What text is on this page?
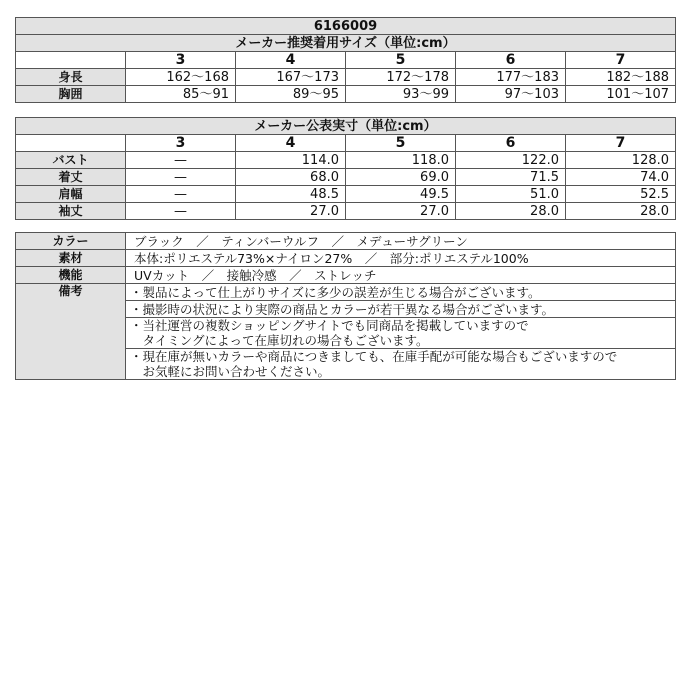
6166009					
メーカー推奨着用サイズ（単位:cm）					
	3	4	5	6	7
身長	162〜168	167〜173	172〜178	177〜183	182〜188
胸囲	85〜91	89〜95	93〜99	97〜103	101〜107
メーカー公表実寸（単位:cm）					
	3	4	5	6	7
バスト	—	114.0	118.0	122.0	128.0
着丈	—	68.0	69.0	71.5	74.0
肩幅	—	48.5	49.5	51.0	52.5
袖丈	—	27.0	27.0	28.0	28.0
カラー	ブラック　／　ティンバーウルフ　／　メデューサグリーン
素材	本体:ポリエステル73%×ナイロン27%　／　部分:ポリエステル100%
機能	UVカット　／　接触冷感　／　ストレッチ
備考	・製品によって仕上がりサイズに多少の誤差が生じる場合がございます。

	・撮影時の状況により実際の商品とカラーが若干異なる場合がございます。

	・当社運営の複数ショッピングサイトでも同商品を掲載していますので
　タイミングによって在庫切れの場合もございます。

	・現在庫が無いカラーや商品につきましても、在庫手配が可能な場合もございますので
　お気軽にお問い合わせください。
